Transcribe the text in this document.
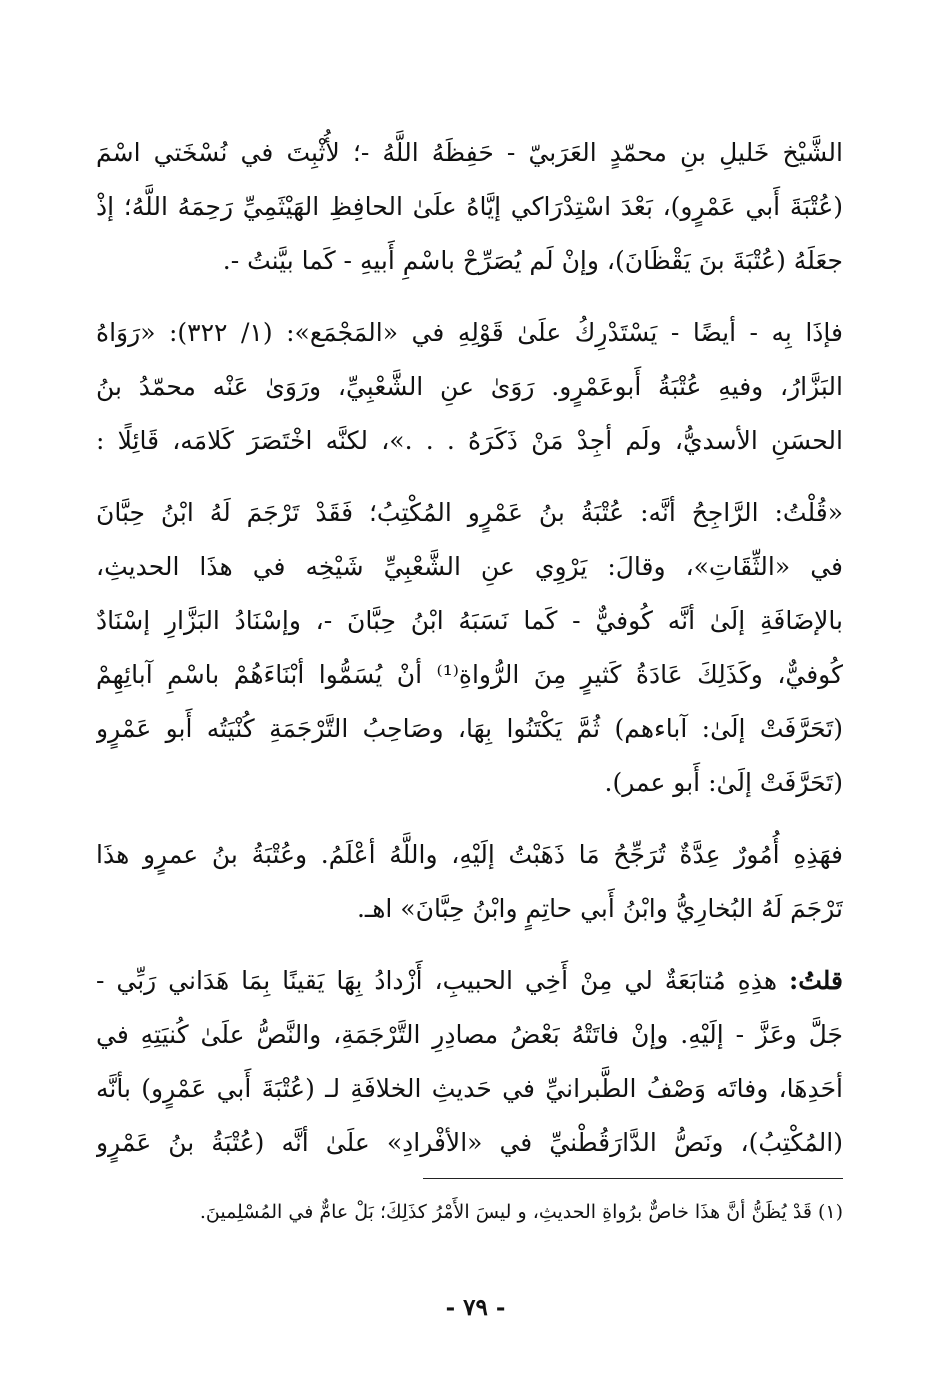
الشَّيْخ خَليلِ بنِ محمّدٍ العَرَبيّ - حَفِظَهُ اللَّهُ -؛ لأُثْبِتَ في نُسْخَتي اسْمَ
(عُتْبَةَ أَبي عَمْرٍو)، بَعْدَ اسْتِدْرَاكي إيَّاهُ علَىٰ الحافِظِ الهَيْثَمِيِّ رَحِمَهُ اللَّهُ؛ إذْ
جعَلَهُ (عُتْبَةَ بنَ يَقْظَانَ)، وإنْ لَم يُصَرِّحْ باسْمِ أَبيهِ - كَما بيَّنتُ -.

فإذَا بِه - أيضًا - يَسْتَدْرِكُ علَىٰ قَوْلِهِ في «المَجْمَع»: (١/ ٣٢٢): «رَوَاهُ
البَزَّارُ، وفيهِ عُتْبَةُ أَبوعَمْرٍو. رَوَىٰ عنِ الشَّعْبِيِّ، ورَوَىٰ عَنْه محمّدُ بنُ
الحسَنِ الأسديُّ، ولَم أجِدْ مَنْ ذَكَرَهُ . . .»، لكنَّه اخْتَصَرَ كَلامَه، قَائِلًا :

«قُلْتُ: الرَّاجِحُ أنَّه: عُتْبَةُ بنُ عَمْرٍو المُكْتِبُ؛ فَقَدْ تَرْجَمَ لَهُ ابْنُ حِبَّانَ
في «الثِّقَاتِ»، وقالَ: يَرْوِي عنِ الشَّعْبِيِّ شَيْخِه في هذَا الحديثِ،
بالإضَافَةِ إلَىٰ أنَّه كُوفيٌّ - كَما نَسَبَهُ ابْنُ حِبَّانَ -، وإسْنَادُ البَزَّارِ إسْنَادٌ
كُوفيٌّ، وكَذَلِكَ عَادَةُ كَثيرٍ مِنَ الرُّواةِ⁽¹⁾ أنْ يُسَمُّوا أبْنَاءَهُمْ باسْمِ آبائِهِمْ
(تَحَرَّفَتْ إلَىٰ: آباءهم) ثُمَّ يَكْتَنُوا بِهَا، وصَاحِبُ التَّرْجَمَةِ كُنْيَتُه أَبو عَمْرٍو
(تَحَرَّفَتْ إلَىٰ: أَبو عمر).

فهَذِهِ أُمُورٌ عِدَّةٌ تُرَجِّحُ مَا ذَهَبْتُ إلَيْهِ، واللَّهُ أعْلَمُ. وعُتْبَةُ بنُ عمرٍو هذَا
تَرْجَمَ لَهُ البُخارِيُّ وابْنُ أَبي حاتِمٍ وابْنُ حِبَّانَ» اهـ.

قلتُ: هذِهِ مُتابَعَةٌ لي مِنْ أَخِي الحبيبِ، أَزْدادُ بِهَا يَقينًا بِمَا هَدَاني رَبِّي -
جَلَّ وعَزَّ - إلَيْهِ. وإنْ فاتَتْهُ بَعْضُ مصادِرِ التَّرْجَمَةِ، والنَّصُّ علَىٰ كُنيَتِهِ في
أحَدِهَا، وفاتَه وَصْفُ الطَّبرانيِّ في حَديثِ الخلافَةِ لـ (عُتْبَةَ أَبي عَمْرٍو) بأنَّه
(المُكْتِبُ)، ونَصُّ الدَّارَقُطْنيِّ في «الأفْرادِ» علَىٰ أنَّه (عُتْبَةُ بنُ عَمْرٍو

(١) قَدْ يُظَنُّ أنَّ هذَا خاصٌّ برُواةِ الحديثِ، و ليسَ الأَمْرُ كذَلِكَ؛ بَلْ عامٌّ في المُسْلِمينَ.
- ٧٩ -
